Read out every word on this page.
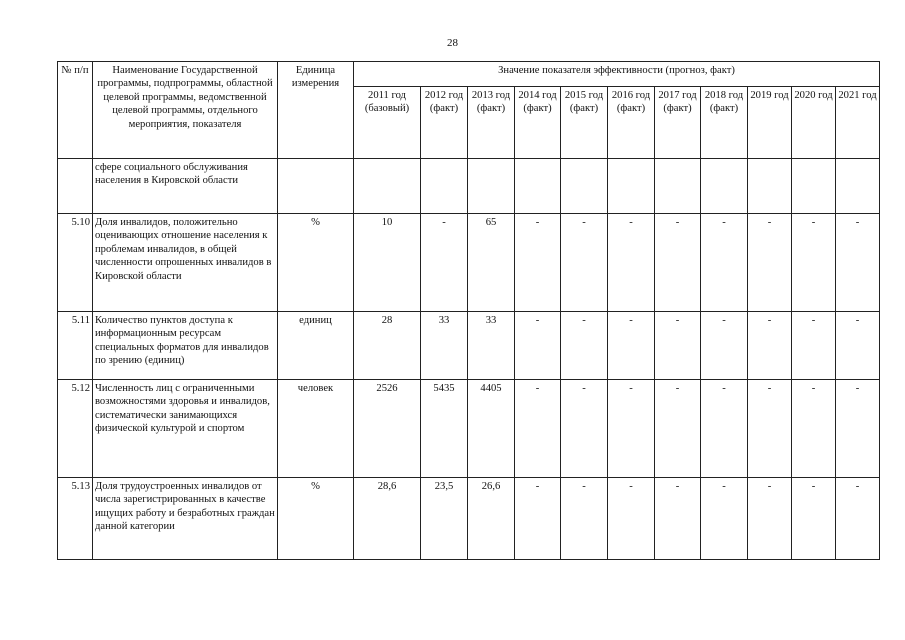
28
№ п/п	Наименование Государственной программы, подпрограммы, областной целевой программы, ведомственной целевой программы, отдельного мероприятия, показателя	Единица измерения	Значение показателя эффективности (прогноз, факт)										
			2011 год (базовый)	2012 год (факт)	2013 год (факт)	2014 год (факт)	2015 год (факт)	2016 год (факт)	2017 год (факт)	2018 год (факт)	2019 год	2020 год	2021 год
	сфере социального обслуживания населения в Кировской области												
5.10	Доля инвалидов, положительно оценивающих отношение населения к проблемам инвалидов, в общей численности опрошенных инвалидов в Кировской области	%	10	-	65	-	-	-	-	-	-	-	-
5.11	Количество пунктов доступа к информационным ресурсам специальных форматов для инвалидов по зрению (единиц)	единиц	28	33	33	-	-	-	-	-	-	-	-
5.12	Численность лиц с ограниченными возможностями здоровья и инвалидов, систематически занимающихся физической культурой и спортом	человек	2526	5435	4405	-	-	-	-	-	-	-	-
5.13	Доля трудоустроенных инвалидов от числа зарегистрированных в качестве ищущих работу и безработных граждан данной категории	%	28,6	23,5	26,6	-	-	-	-	-	-	-	-
